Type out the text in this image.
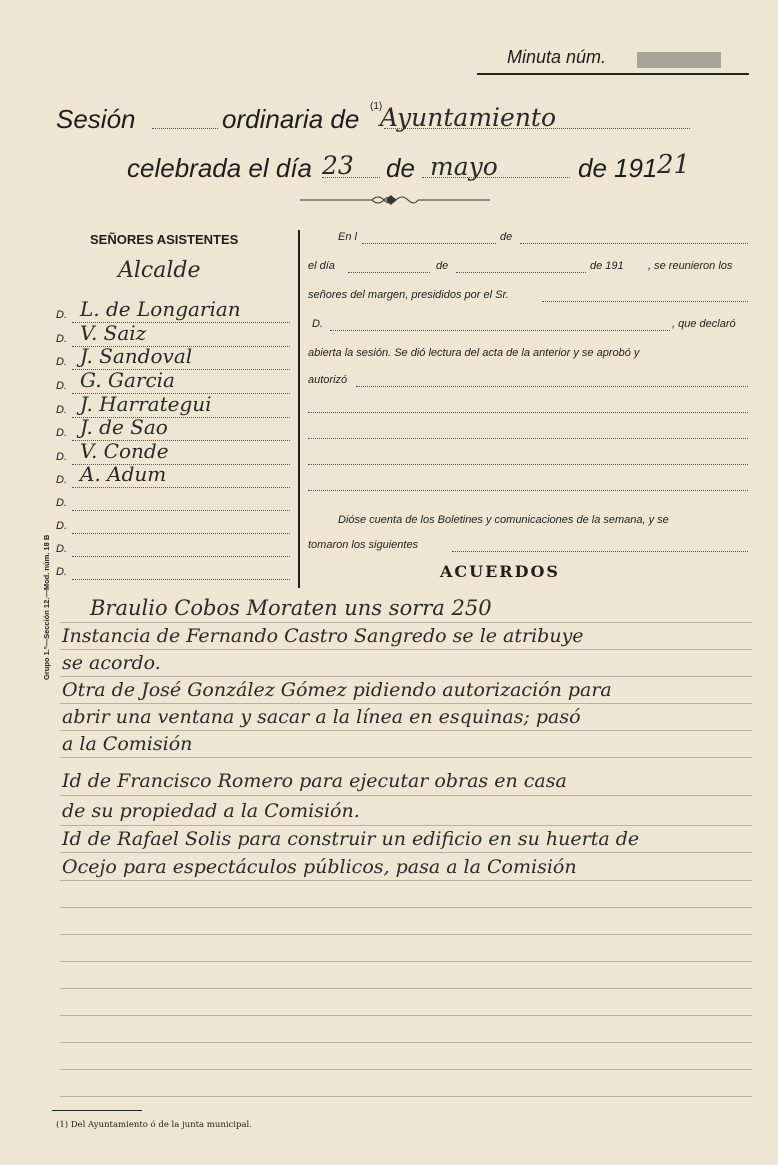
Minuta núm.
Sesión	ordinaria de (1)
Ayuntamiento
celebrada el día 23 de mayo	de 191 21
SEÑORES ASISTENTES
Alcalde
D. L. de Longarian
D. V. Saiz
D. J. Sandoval
D. G. Garcia
D. J. Harrategui
D. J. de Sao
D. V. Conde
D. A. Adum
D.
D.
D.
D.
Grupo 1.º—Sección 12.—Mod. núm. 18 B
En l	de
el día	de	de 191 , se reunieron los
señores del margen, presididos por el Sr.
D.	, que declaró
abierta la sesión. Se dió lectura del acta de la anterior y se aprobó y
autorizó
Dióse cuenta de los Boletines y comunicaciones de la semana, y se
tomaron los siguientes
ACUERDOS
Braulio Cobos Moraten uns sorra 250
Instancia de Fernando Castro Sangredo se le atribuye
se acordo.
Otra de José González Gómez pidiendo autorización para
abrir una ventana y sacar a la línea en esquinas; pasó
a la Comisión
Id de Francisco Romero para ejecutar obras en casa
de su propiedad a la Comisión.
Id de Rafael Solis para construir un edificio en su huerta de
Ocejo para espectáculos públicos, pasa a la Comisión
(1) Del Ayuntamiento ó de la junta municipal.
